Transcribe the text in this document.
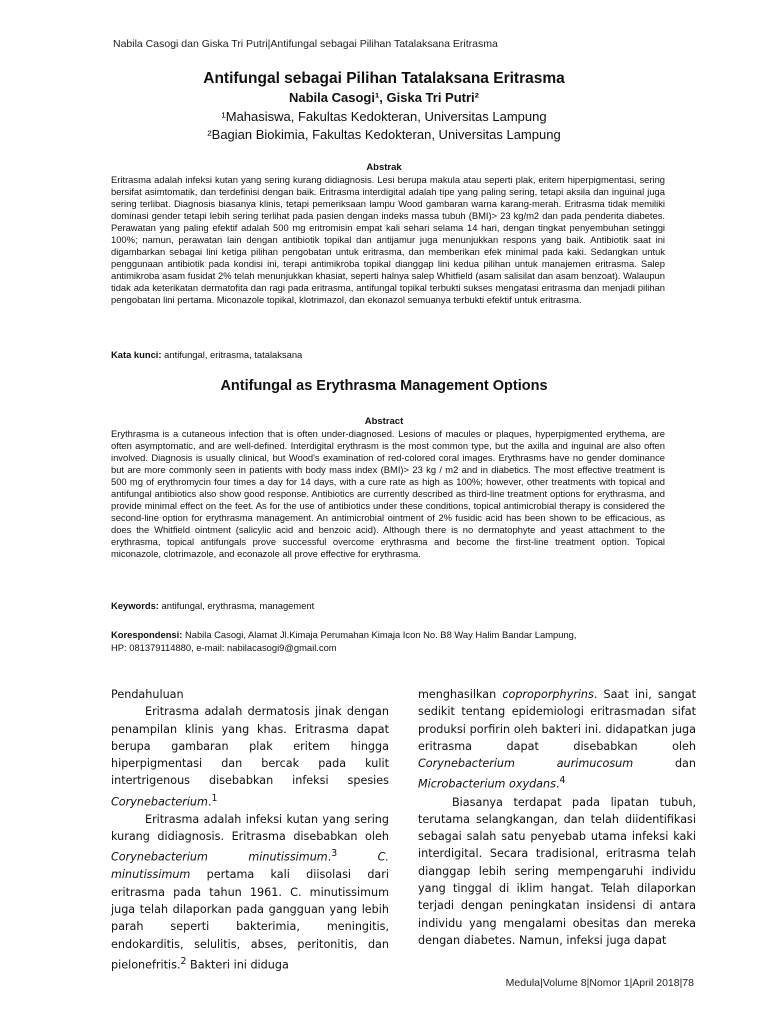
Nabila Casogi dan Giska Tri Putri|Antifungal sebagai Pilihan Tatalaksana Eritrasma
Antifungal sebagai Pilihan Tatalaksana Eritrasma
Nabila Casogi¹, Giska Tri Putri²
¹Mahasiswa, Fakultas Kedokteran, Universitas Lampung
²Bagian Biokimia, Fakultas Kedokteran, Universitas Lampung
Abstrak
Eritrasma adalah infeksi kutan yang sering kurang didiagnosis. Lesi berupa makula atau seperti plak, eritem hiperpigmentasi, sering bersifat asimtomatik, dan terdefinisi dengan baik. Eritrasma interdigital adalah tipe yang paling sering, tetapi aksila dan inguinal juga sering terlibat. Diagnosis biasanya klinis, tetapi pemeriksaan lampu Wood gambaran warna karang-merah. Eritrasma tidak memiliki dominasi gender tetapi lebih sering terlihat pada pasien dengan indeks massa tubuh (BMI)> 23 kg/m2 dan pada penderita diabetes. Perawatan yang paling efektif adalah 500 mg eritromisin empat kali sehari selama 14 hari, dengan tingkat penyembuhan setinggi 100%; namun, perawatan lain dengan antibiotik topikal dan antijamur juga menunjukkan respons yang baik. Antibiotik saat ini digambarkan sebagai lini ketiga pilihan pengobatan untuk eritrasma, dan memberikan efek minimal pada kaki. Sedangkan untuk penggunaan antibiotik pada kondisi ini, terapi antimikroba topikal dianggap lini kedua pilihan untuk manajemen eritrasma. Salep antimikroba asam fusidat 2% telah menunjukkan khasiat, seperti halnya salep Whitfield (asam salisilat dan asam benzoat). Walaupun tidak ada keterikatan dermatofita dan ragi pada eritrasma, antifungal topikal terbukti sukses mengatasi eritrasma dan menjadi pilihan pengobatan lini pertama. Miconazole topikal, klotrimazol, dan ekonazol semuanya terbukti efektif untuk eritrasma.
Kata kunci: antifungal, eritrasma, tatalaksana
Antifungal as Erythrasma Management Options
Abstract
Erythrasma is a cutaneous infection that is often under-diagnosed. Lesions of macules or plaques, hyperpigmented erythema, are often asymptomatic, and are well-defined. Interdigital erythrasm is the most common type, but the axilla and inguinal are also often involved. Diagnosis is usually clinical, but Wood's examination of red-colored coral images. Erythrasms have no gender dominance but are more commonly seen in patients with body mass index (BMI)> 23 kg / m2 and in diabetics. The most effective treatment is 500 mg of erythromycin four times a day for 14 days, with a cure rate as high as 100%; however, other treatments with topical and antifungal antibiotics also show good response. Antibiotics are currently described as third-line treatment options for erythrasma, and provide minimal effect on the feet. As for the use of antibiotics under these conditions, topical antimicrobial therapy is considered the second-line option for erythrasma management. An antimicrobial ointment of 2% fusidic acid has been shown to be efficacious, as does the Whitfield ointment (salicylic acid and benzoic acid). Although there is no dermatophyte and yeast attachment to the erythrasma, topical antifungals prove successful overcome erythrasma and become the first-line treatment option. Topical miconazole, clotrimazole, and econazole all prove effective for erythrasma.
Keywords: antifungal, erythrasma, management
Korespondensi: Nabila Casogi, Alamat Jl.Kimaja Perumahan Kimaja Icon No. B8 Way Halim Bandar Lampung,
HP: 081379114880, e-mail: nabilacasogi9@gmail.com

Pendahuluan

Eritrasma adalah dermatosis jinak dengan penampilan klinis yang khas. Eritrasma dapat berupa gambaran plak eritem hingga hiperpigmentasi dan bercak pada kulit intertrigenous disebabkan infeksi spesies Corynebacterium.$^1$

Eritrasma adalah infeksi kutan yang sering kurang didiagnosis. Eritrasma disebabkan oleh Corynebacterium minutissimum.$^3$	C. minutissimum pertama kali diisolasi dari eritrasma pada tahun 1961. C. minutissimum juga telah dilaporkan pada gangguan yang lebih parah seperti bakterimia, meningitis, endokarditis, selulitis, abses, peritonitis, dan pielonefritis.$^2$ Bakteri ini diduga

menghasilkan coproporphyrins. Saat ini, sangat sedikit tentang epidemiologi eritrasmadan sifat produksi porfirin oleh bakteri ini. didapatkan juga eritrasma dapat disebabkan oleh Corynebacterium aurimucosum dan Microbacterium oxydans.$^4$

Biasanya terdapat pada lipatan tubuh, terutama selangkangan, dan telah diidentifikasi sebagai salah satu penyebab utama infeksi kaki interdigital. Secara tradisional, eritrasma telah dianggap lebih sering mempengaruhi individu yang tinggal di iklim hangat. Telah dilaporkan terjadi dengan peningkatan insidensi di antara individu yang mengalami obesitas dan mereka dengan diabetes. Namun, infeksi juga dapat

Medula|Volume 8|Nomor 1|April 2018|78
